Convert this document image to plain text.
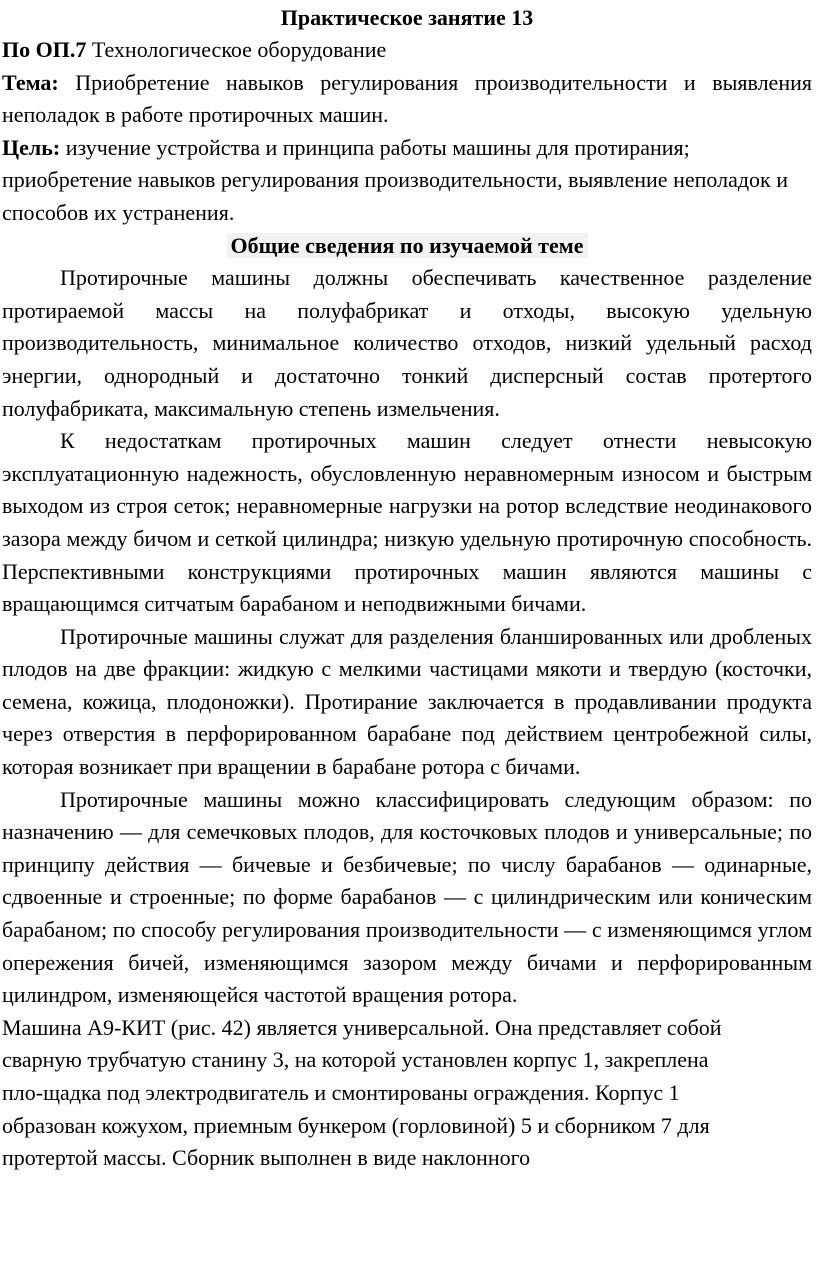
Практическое занятие 13

По ОП.7 Технологическое оборудование

Тема: Приобретение навыков регулирования производительности и выявления неполадок в работе протирочных машин.

Цель: изучение устройства и принципа работы машины для протирания; приобретение навыков регулирования производительности, выявление неполадок и способов их устранения.

Общие сведения по изучаемой теме

Протирочные машины должны обеспечивать качественное разделение протираемой массы на полуфабрикат и отходы, высокую удельную производительность, минимальное количество отходов, низкий удельный расход энергии, однородный и достаточно тонкий дисперсный состав протертого полуфабриката, максимальную степень измельчения.

К недостаткам протирочных машин следует отнести невысокую эксплуатационную надежность, обусловленную неравномерным износом и быстрым выходом из строя сеток; неравномерные нагрузки на ротор вследствие неодинакового зазора между бичом и сеткой цилиндра; низкую удельную протирочную способность. Перспективными конструкциями протирочных машин являются машины с вращающимся ситчатым барабаном и неподвижными бичами.

Протирочные машины служат для разделения бланшированных или дробленых плодов на две фракции: жидкую с мелкими частицами мякоти и твердую (косточки, семена, кожица, плодоножки). Протирание заключается в продавливании продукта через отверстия в перфорированном барабане под действием центробежной силы, которая возникает при вращении в барабане ротора с бичами.

Протирочные машины можно классифицировать следующим образом: по назначению — для семечковых плодов, для косточковых плодов и универсальные; по принципу действия — бичевые и безбичевые; по числу барабанов — одинарные, сдвоенные и строенные; по форме барабанов — с цилиндрическим или коническим барабаном; по способу регулирования производительности — с изменяющимся углом опережения бичей, изменяющимся зазором между бичами и перфорированным цилиндром, изменяющейся частотой вращения ротора.

Машина А9-КИТ (рис. 42) является универсальной. Она представляет собой
сварную трубчатую станину 3, на которой установлен корпус 1, закреплена
пло-щадка под электродвигатель и смонтированы ограждения. Корпус 1
образован кожухом, приемным бункером (горловиной) 5 и сборником 7 для
протертой массы. Сборник выполнен в виде наклонного
